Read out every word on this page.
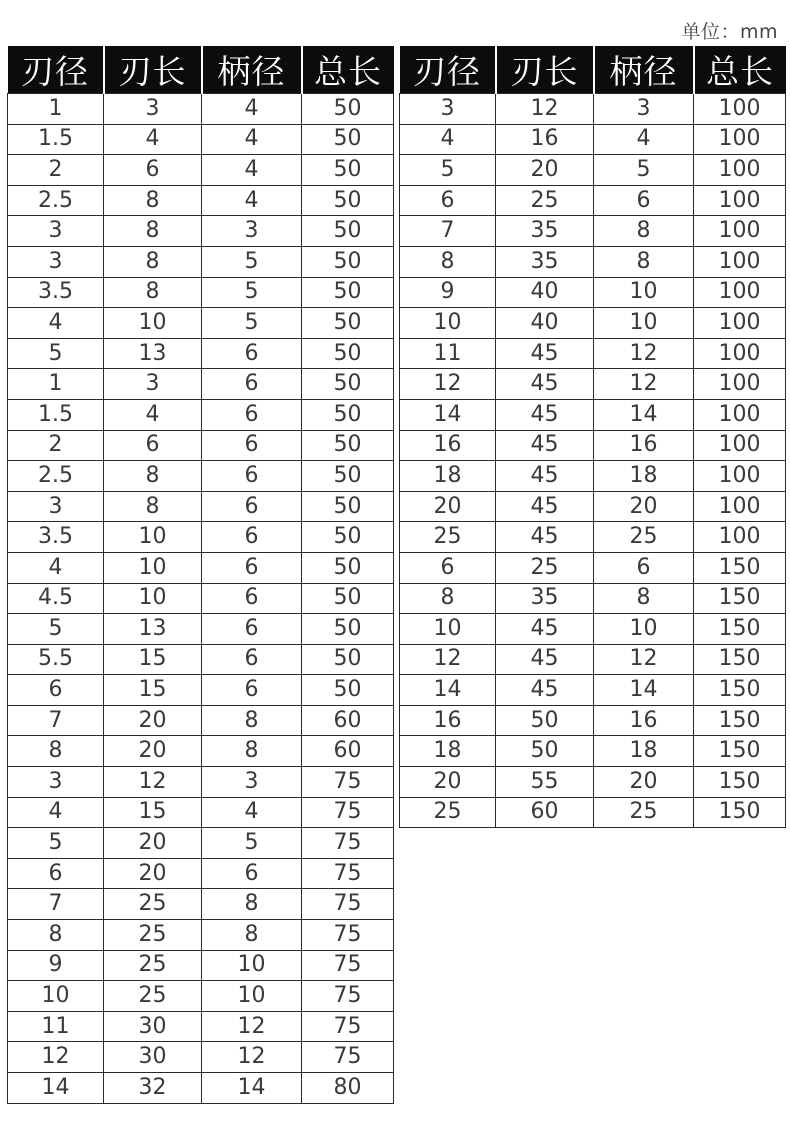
单位：mm
刃径	刃长	柄径	总长
1	3	4	50
1.5	4	4	50
2	6	4	50
2.5	8	4	50
3	8	3	50
3	8	5	50
3.5	8	5	50
4	10	5	50
5	13	6	50
1	3	6	50
1.5	4	6	50
2	6	6	50
2.5	8	6	50
3	8	6	50
3.5	10	6	50
4	10	6	50
4.5	10	6	50
5	13	6	50
5.5	15	6	50
6	15	6	50
7	20	8	60
8	20	8	60
3	12	3	75
4	15	4	75
5	20	5	75
6	20	6	75
7	25	8	75
8	25	8	75
9	25	10	75
10	25	10	75
11	30	12	75
12	30	12	75
14	32	14	80
刃径	刃长	柄径	总长
3	12	3	100
4	16	4	100
5	20	5	100
6	25	6	100
7	35	8	100
8	35	8	100
9	40	10	100
10	40	10	100
11	45	12	100
12	45	12	100
14	45	14	100
16	45	16	100
18	45	18	100
20	45	20	100
25	45	25	100
6	25	6	150
8	35	8	150
10	45	10	150
12	45	12	150
14	45	14	150
16	50	16	150
18	50	18	150
20	55	20	150
25	60	25	150
